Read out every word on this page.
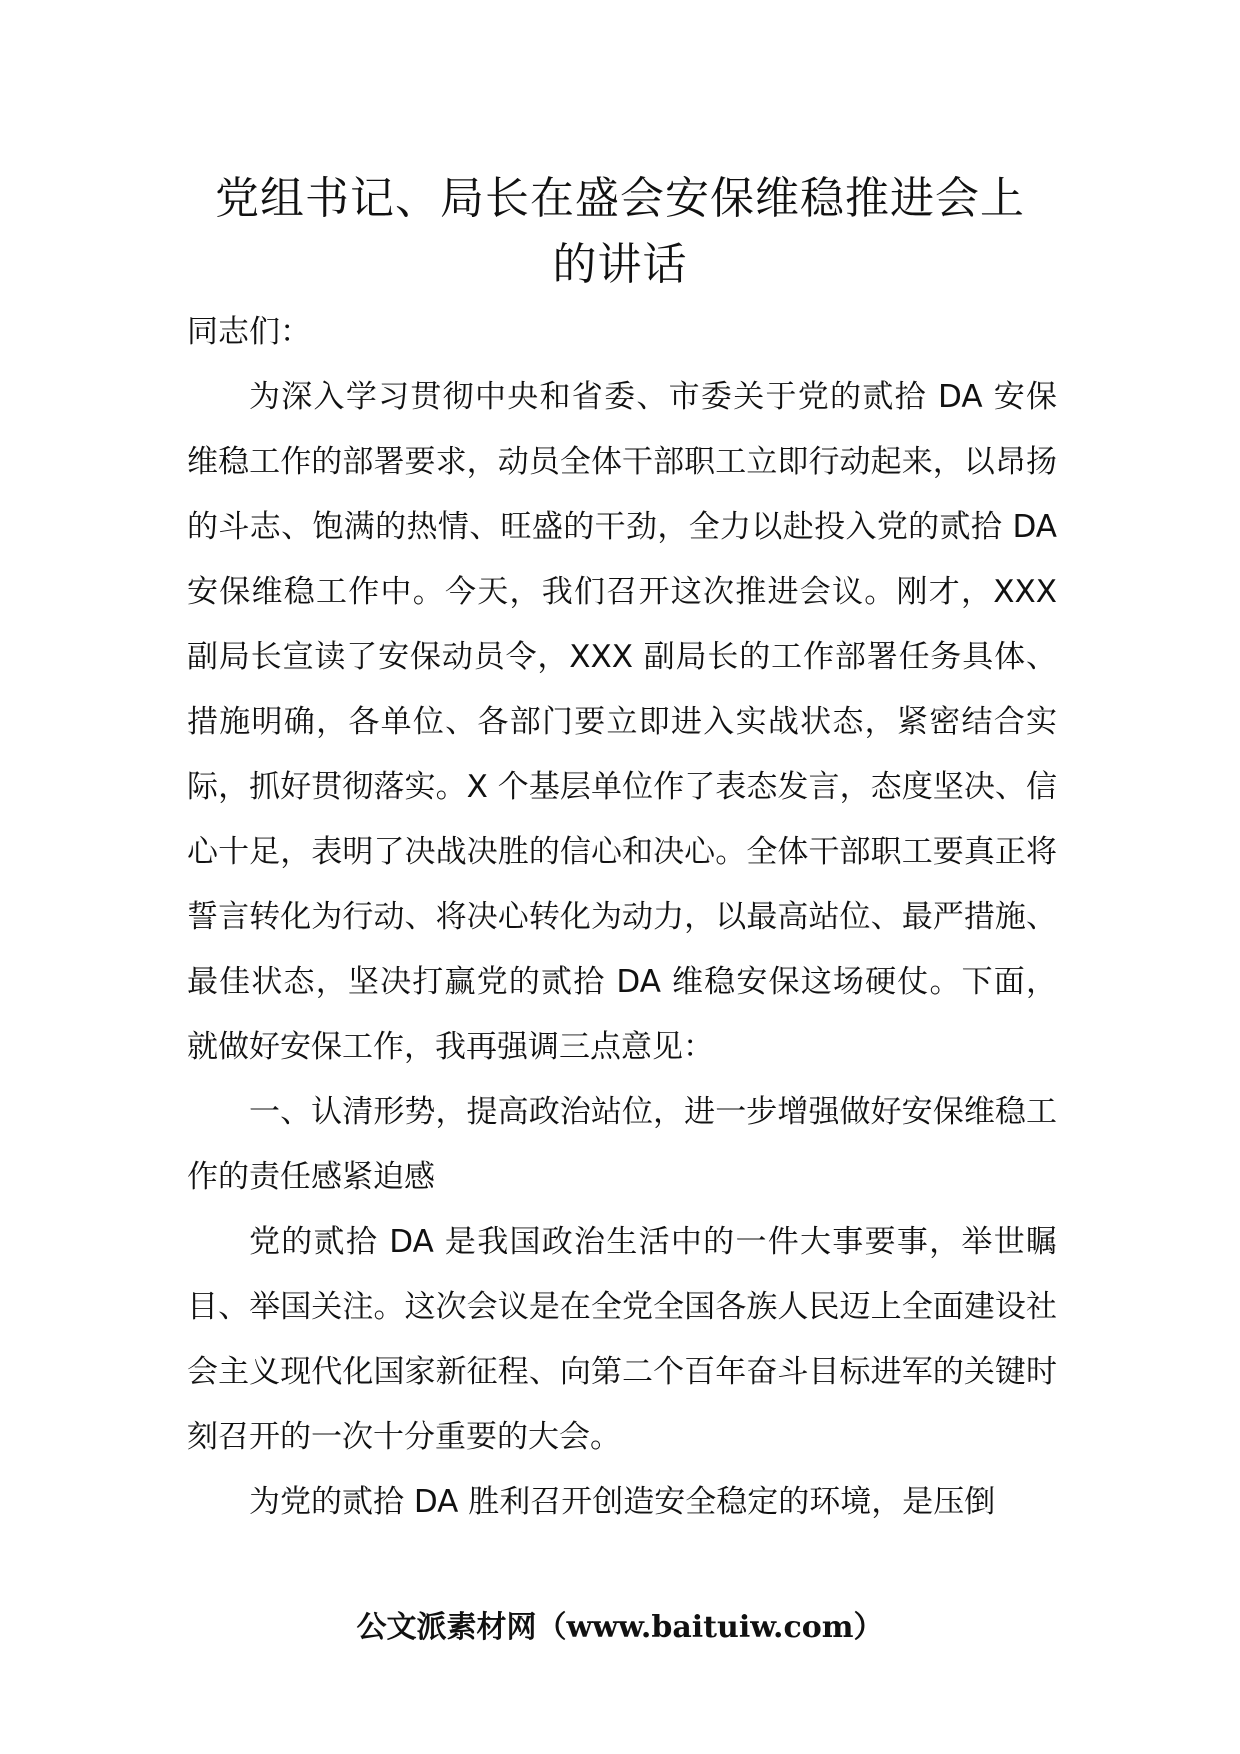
党组书记、局长在盛会安保维稳推进会上
的讲话

同志们：

为深入学习贯彻中央和省委、市委关于党的贰拾 DA 安保维稳工作的部署要求，动员全体干部职工立即行动起来，以昂扬的斗志、饱满的热情、旺盛的干劲，全力以赴投入党的贰拾 DA 安保维稳工作中。今天，我们召开这次推进会议。刚才，XXX 副局长宣读了安保动员令，XXX 副局长的工作部署任务具体、措施明确，各单位、各部门要立即进入实战状态，紧密结合实际，抓好贯彻落实。X 个基层单位作了表态发言，态度坚决、信心十足，表明了决战决胜的信心和决心。全体干部职工要真正将誓言转化为行动、将决心转化为动力，以最高站位、最严措施、最佳状态，坚决打赢党的贰拾 DA 维稳安保这场硬仗。下面，就做好安保工作，我再强调三点意见：

一、认清形势，提高政治站位，进一步增强做好安保维稳工作的责任感紧迫感

党的贰拾 DA 是我国政治生活中的一件大事要事，举世瞩目、举国关注。这次会议是在全党全国各族人民迈上全面建设社会主义现代化国家新征程、向第二个百年奋斗目标进军的关键时刻召开的一次十分重要的大会。

为党的贰拾 DA 胜利召开创造安全稳定的环境，是压倒

公文派素材网（www.baituiw.com）
